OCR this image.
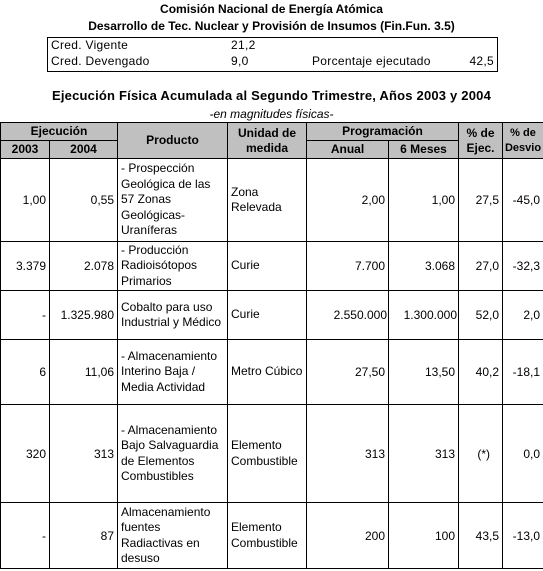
Comisión Nacional de Energía Atómica
Desarrollo de Tec. Nuclear y Provisión de Insumos (Fin.Fun. 3.5)
Cred. Vigente	21,2
Cred. Devengado	9,0	Porcentaje ejecutado	42,5
Ejecución Física Acumulada al Segundo Trimestre, Años 2003 y 2004
-en magnitudes físicas-
Ejecución		Producto	Unidad de medida	Programación		% de Ejec.	% de Desvio
2003	2004			Anual	6 Meses		
1,00	0,55	- Prospección Geológica de las 57 Zonas Geológicas-Uraníferas	Zona Relevada	2,00	1,00	27,5	-45,0
3.379	2.078	- Producción Radioisótopos Primarios	Curie	7.700	3.068	27,0	-32,3
-	1.325.980	Cobalto para uso Industrial y Médico	Curie	2.550.000	1.300.000	52,0	2,0
6	11,06	- Almacenamiento Interino Baja / Media Actividad	Metro Cúbico	27,50	13,50	40,2	-18,1
320	313	- Almacenamiento Bajo Salvaguardia de Elementos Combustibles	Elemento Combustible	313	313	(*)	0,0
-	87	Almacenamiento fuentes Radiactivas en desuso	Elemento Combustible	200	100	43,5	-13,0
